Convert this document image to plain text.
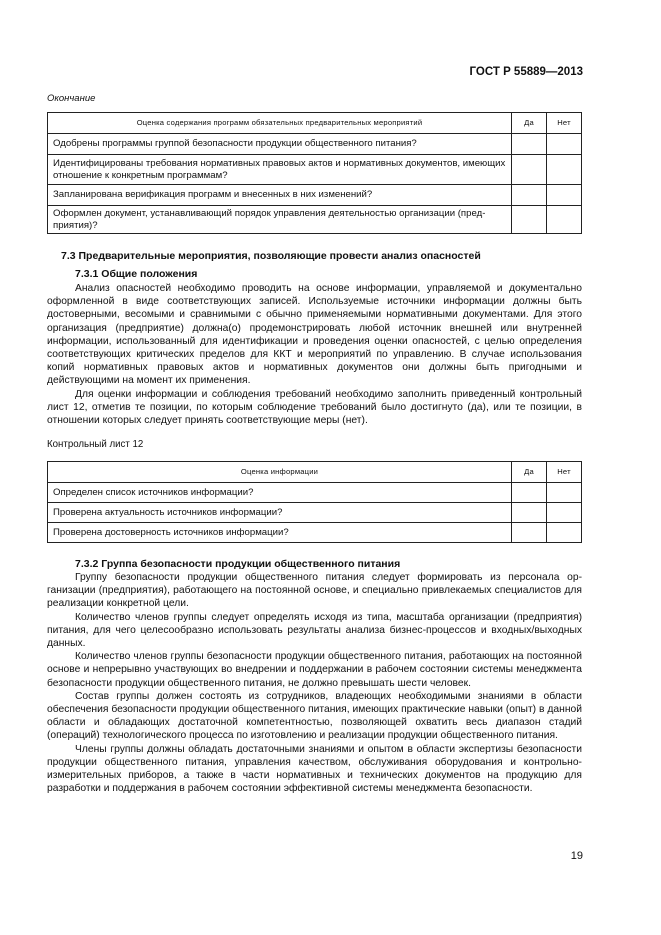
ГОСТ Р 55889—2013
Окончание
Оценка содержания программ обязательных предварительных мероприятий	Да	Нет
Одобрены программы группой безопасности продукции общественного питания?		
Идентифицированы требования нормативных правовых актов и нормативных документов, имеющих отношение к конкретным программам?		
Запланирована верификация программ и внесенных в них изменений?		
Оформлен документ, устанавливающий порядок управления деятельностью организации (предприятия)?		
7.3 Предварительные мероприятия, позволяющие провести анализ опасностей
7.3.1 Общие положения

Анализ опасностей необходимо проводить на основе информации, управляемой и документально оформленной в виде соответствующих записей. Используемые источники информации должны быть достоверными, весомыми и сравнимыми с обычно применяемыми нормативными документами. Для этого организация (предприятие) должна(о) продемонстрировать любой источник внешней или внутренней информации, использованный для идентификации и проведения оценки опасностей, с целью определения соответствующих критических пределов для ККТ и мероприятий по управлению. В случае использования копий нормативных правовых актов и нормативных документов они должны быть пригодными и действующими на момент их применения.

Для оценки информации и соблюдения требований необходимо заполнить приведенный контрольный лист 12, отметив те позиции, по которым соблюдение требований было достигнуто (да), или те позиции, в отношении которых следует принять соответствующие меры (нет).

Контрольный лист 12
Оценка информации	Да	Нет
Определен список источников информации?		
Проверена актуальность источников информации?		
Проверена достоверность источников информации?		
7.3.2 Группа безопасности продукции общественного питания

Группу безопасности продукции общественного питания следует формировать из персонала организации (предприятия), работающего на постоянной основе, и специально привлекаемых специалистов для реализации конкретной цели.

Количество членов группы следует определять исходя из типа, масштаба организации (предприятия) питания, для чего целесообразно использовать результаты анализа бизнес-процессов и входных/выходных данных.

Количество членов группы безопасности продукции общественного питания, работающих на постоянной основе и непрерывно участвующих во внедрении и поддержании в рабочем состоянии системы менеджмента безопасности продукции общественного питания, не должно превышать шести человек.

Состав группы должен состоять из сотрудников, владеющих необходимыми знаниями в области обеспечения безопасности продукции общественного питания, имеющих практические навыки (опыт) в данной области и обладающих достаточной компетентностью, позволяющей охватить весь диапазон стадий (операций) технологического процесса по изготовлению и реализации продукции общественного питания.

Члены группы должны обладать достаточными знаниями и опытом в области экспертизы безопасности продукции общественного питания, управления качеством, обслуживания оборудования и контрольно-измерительных приборов, а также в части нормативных и технических документов на продукцию для разработки и поддержания в рабочем состоянии эффективной системы менеджмента безопасности.

19
